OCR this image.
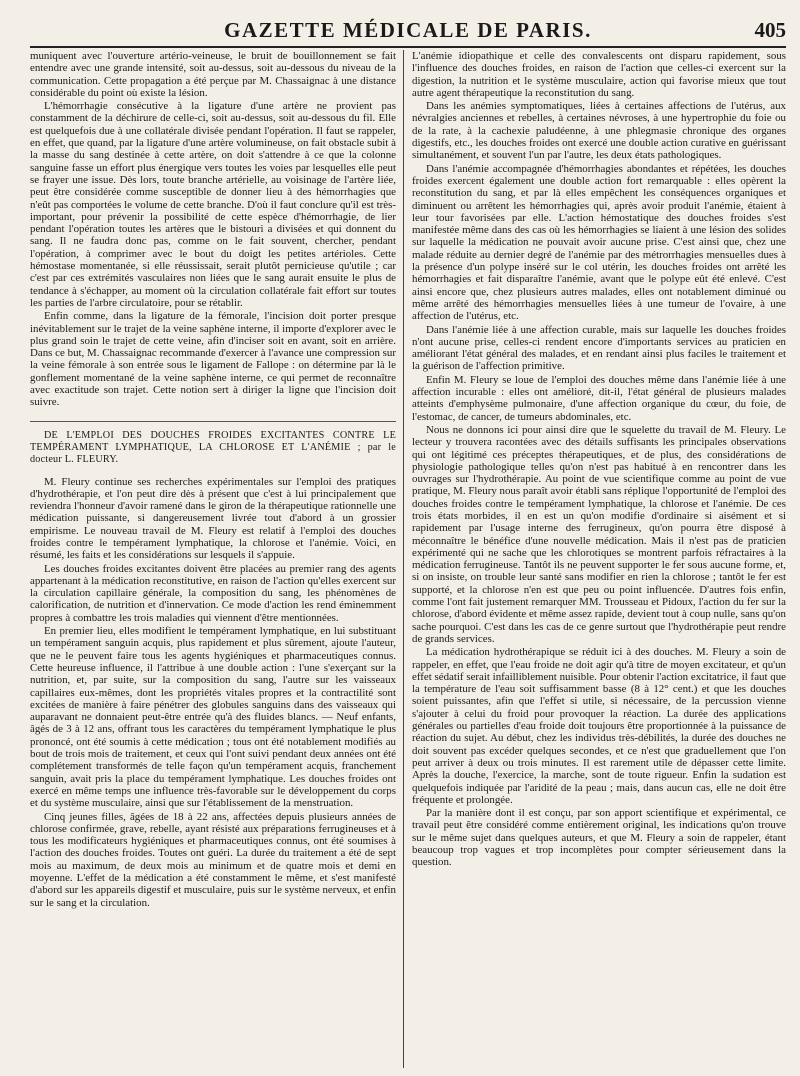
GAZETTE MÉDICALE DE PARIS.	405

muniquent avec l'ouverture artério-veineuse, le bruit de bouillonnement se fait entendre avec une grande intensité, soit au-dessus, soit au-dessous du niveau de la communication. Cette propagation a été perçue par M. Chassaignac à une distance considérable du point où existe la lésion.

L'hémorrhagie consécutive à la ligature d'une artère ne provient pas constamment de la déchirure de celle-ci, soit au-dessus, soit au-dessous du fil. Elle est quelquefois due à une collatérale divisée pendant l'opération. Il faut se rappeler, en effet, que quand, par la ligature d'une artère volumineuse, on fait obstacle subit à la masse du sang destinée à cette artère, on doit s'attendre à ce que la colonne sanguine fasse un effort plus énergique vers toutes les voies par lesquelles elle peut se frayer une issue. Dès lors, toute branche artérielle, au voisinage de l'artère liée, peut être considérée comme susceptible de donner lieu à des hémorrhagies que n'eût pas comportées le volume de cette branche. D'où il faut conclure qu'il est très-important, pour prévenir la possibilité de cette espèce d'hémorrhagie, de lier pendant l'opération toutes les artères que le bistouri a divisées et qui donnent du sang. Il ne faudra donc pas, comme on le fait souvent, chercher, pendant l'opération, à comprimer avec le bout du doigt les petites artérioles. Cette hémostase momentanée, si elle réussissait, serait plutôt pernicieuse qu'utile ; car c'est par ces extrémités vasculaires non liées que le sang aurait ensuite le plus de tendance à s'échapper, au moment où la circulation collatérale fait effort sur toutes les parties de l'arbre circulatoire, pour se rétablir.

Enfin comme, dans la ligature de la fémorale, l'incision doit porter presque inévitablement sur le trajet de la veine saphène interne, il importe d'explorer avec le plus grand soin le trajet de cette veine, afin d'inciser soit en avant, soit en arrière. Dans ce but, M. Chassaignac recommande d'exercer à l'avance une compression sur la veine fémorale à son entrée sous le ligament de Fallope : on détermine par là le gonflement momentané de la veine saphène interne, ce qui permet de reconnaître avec exactitude son trajet. Cette notion sert à diriger la ligne que l'incision doit suivre.

DE L'EMPLOI DES DOUCHES FROIDES EXCITANTES CONTRE LE TEMPÉRAMENT LYMPHATIQUE, LA CHLOROSE ET L'ANÉMIE ; par le docteur L. FLEURY.

M. Fleury continue ses recherches expérimentales sur l'emploi des pratiques d'hydrothérapie, et l'on peut dire dès à présent que c'est à lui principalement que reviendra l'honneur d'avoir ramené dans le giron de la thérapeutique rationnelle une médication puissante, si dangereusement livrée tout d'abord à un grossier empirisme. Le nouveau travail de M. Fleury est relatif à l'emploi des douches froides contre le tempérament lymphatique, la chlorose et l'anémie. Voici, en résumé, les faits et les considérations sur lesquels il s'appuie.

Les douches froides excitantes doivent être placées au premier rang des agents appartenant à la médication reconstitutive, en raison de l'action qu'elles exercent sur la circulation capillaire générale, la composition du sang, les phénomènes de calorification, de nutrition et d'innervation. Ce mode d'action les rend éminemment propres à combattre les trois maladies qui viennent d'être mentionnées.

En premier lieu, elles modifient le tempérament lymphatique, en lui substituant un tempérament sanguin acquis, plus rapidement et plus sûrement, ajoute l'auteur, que ne le peuvent faire tous les agents hygiéniques et pharmaceutiques connus. Cette heureuse influence, il l'attribue à une double action : l'une s'exerçant sur la nutrition, et, par suite, sur la composition du sang, l'autre sur les vaisseaux capillaires eux-mêmes, dont les propriétés vitales propres et la contractilité sont excitées de manière à faire pénétrer des globules sanguins dans des vaisseaux qui auparavant ne donnaient peut-être entrée qu'à des fluides blancs. — Neuf enfants, âgés de 3 à 12 ans, offrant tous les caractères du tempérament lymphatique le plus prononcé, ont été soumis à cette médication ; tous ont été notablement modifiés au bout de trois mois de traitement, et ceux qui l'ont suivi pendant deux années ont été complétement transformés de telle façon qu'un tempérament acquis, franchement sanguin, avait pris la place du tempérament lymphatique. Les douches froides ont exercé en même temps une influence très-favorable sur le développement du corps et du système musculaire, ainsi que sur l'établissement de la menstruation.

Cinq jeunes filles, âgées de 18 à 22 ans, affectées depuis plusieurs années de chlorose confirmée, grave, rebelle, ayant résisté aux préparations ferrugineuses et à tous les modificateurs hygiéniques et pharmaceutiques connus, ont été soumises à l'action des douches froides. Toutes ont guéri. La durée du traitement a été de sept mois au maximum, de deux mois au minimum et de quatre mois et demi en moyenne. L'effet de la médication a été constamment le même, et s'est manifesté d'abord sur les appareils digestif et musculaire, puis sur le système nerveux, et enfin sur le sang et la circulation.

L'anémie idiopathique et celle des convalescents ont disparu rapidement, sous l'influence des douches froides, en raison de l'action que celles-ci exercent sur la digestion, la nutrition et le système musculaire, action qui favorise mieux que tout autre agent thérapeutique la reconstitution du sang.

Dans les anémies symptomatiques, liées à certaines affections de l'utérus, aux névralgies anciennes et rebelles, à certaines névroses, à une hypertrophie du foie ou de la rate, à la cachexie paludéenne, à une phlegmasie chronique des organes digestifs, etc., les douches froides ont exercé une double action curative en guérissant simultanément, et souvent l'un par l'autre, les deux états pathologiques.

Dans l'anémie accompagnée d'hémorrhagies abondantes et répétées, les douches froides exercent également une double action fort remarquable : elles opèrent la reconstitution du sang, et par là elles empêchent les conséquences organiques et diminuent ou arrêtent les hémorrhagies qui, après avoir produit l'anémie, étaient à leur tour favorisées par elle. L'action hémostatique des douches froides s'est manifestée même dans des cas où les hémorrhagies se liaient à une lésion des solides sur laquelle la médication ne pouvait avoir aucune prise. C'est ainsi que, chez une malade réduite au dernier degré de l'anémie par des métrorrhagies mensuelles dues à la présence d'un polype inséré sur le col utérin, les douches froides ont arrêté les hémorrhagies et fait disparaître l'anémie, avant que le polype eût été enlevé. C'est ainsi encore que, chez plusieurs autres malades, elles ont notablement diminué ou même arrêté des hémorrhagies mensuelles liées à une tumeur de l'ovaire, à une affection de l'utérus, etc.

Dans l'anémie liée à une affection curable, mais sur laquelle les douches froides n'ont aucune prise, celles-ci rendent encore d'importants services au praticien en améliorant l'état général des malades, et en rendant ainsi plus faciles le traitement et la guérison de l'affection primitive.

Enfin M. Fleury se loue de l'emploi des douches même dans l'anémie liée à une affection incurable : elles ont amélioré, dit-il, l'état général de plusieurs malades atteints d'emphysème pulmonaire, d'une affection organique du cœur, du foie, de l'estomac, de cancer, de tumeurs abdominales, etc.

Nous ne donnons ici pour ainsi dire que le squelette du travail de M. Fleury. Le lecteur y trouvera racontées avec des détails suffisants les principales observations qui ont légitimé ces préceptes thérapeutiques, et de plus, des considérations de physiologie pathologique telles qu'on n'est pas habitué à en rencontrer dans les ouvrages sur l'hydrothérapie. Au point de vue scientifique comme au point de vue pratique, M. Fleury nous paraît avoir établi sans réplique l'opportunité de l'emploi des douches froides contre le tempérament lymphatique, la chlorose et l'anémie. De ces trois états morbides, il en est un qu'on modifie d'ordinaire si aisément et si rapidement par l'usage interne des ferrugineux, qu'on pourra être disposé à méconnaître le bénéfice d'une nouvelle médication. Mais il n'est pas de praticien expérimenté qui ne sache que les chlorotiques se montrent parfois réfractaires à la médication ferrugineuse. Tantôt ils ne peuvent supporter le fer sous aucune forme, et, si on insiste, on trouble leur santé sans modifier en rien la chlorose ; tantôt le fer est supporté, et la chlorose n'en est que peu ou point influencée. D'autres fois enfin, comme l'ont fait justement remarquer MM. Trousseau et Pidoux, l'action du fer sur la chlorose, d'abord évidente et même assez rapide, devient tout à coup nulle, sans qu'on sache pourquoi. C'est dans les cas de ce genre surtout que l'hydrothérapie peut rendre de grands services.

La médication hydrothérapique se réduit ici à des douches. M. Fleury a soin de rappeler, en effet, que l'eau froide ne doit agir qu'à titre de moyen excitateur, et qu'un effet sédatif serait infailliblement nuisible. Pour obtenir l'action excitatrice, il faut que la température de l'eau soit suffisamment basse (8 à 12° cent.) et que les douches soient puissantes, afin que l'effet si utile, si nécessaire, de la percussion vienne s'ajouter à celui du froid pour provoquer la réaction. La durée des applications générales ou partielles d'eau froide doit toujours être proportionnée à la puissance de réaction du sujet. Au début, chez les individus très-débilités, la durée des douches ne doit souvent pas excéder quelques secondes, et ce n'est que graduellement que l'on peut arriver à deux ou trois minutes. Il est rarement utile de dépasser cette limite. Après la douche, l'exercice, la marche, sont de toute rigueur. Enfin la sudation est quelquefois indiquée par l'aridité de la peau ; mais, dans aucun cas, elle ne doit être fréquente et prolongée.

Par la manière dont il est conçu, par son apport scientifique et expérimental, ce travail peut être considéré comme entièrement original, les indications qu'on trouve sur le même sujet dans quelques auteurs, et que M. Fleury a soin de rappeler, étant beaucoup trop vagues et trop incomplètes pour compter sérieusement dans la question.
